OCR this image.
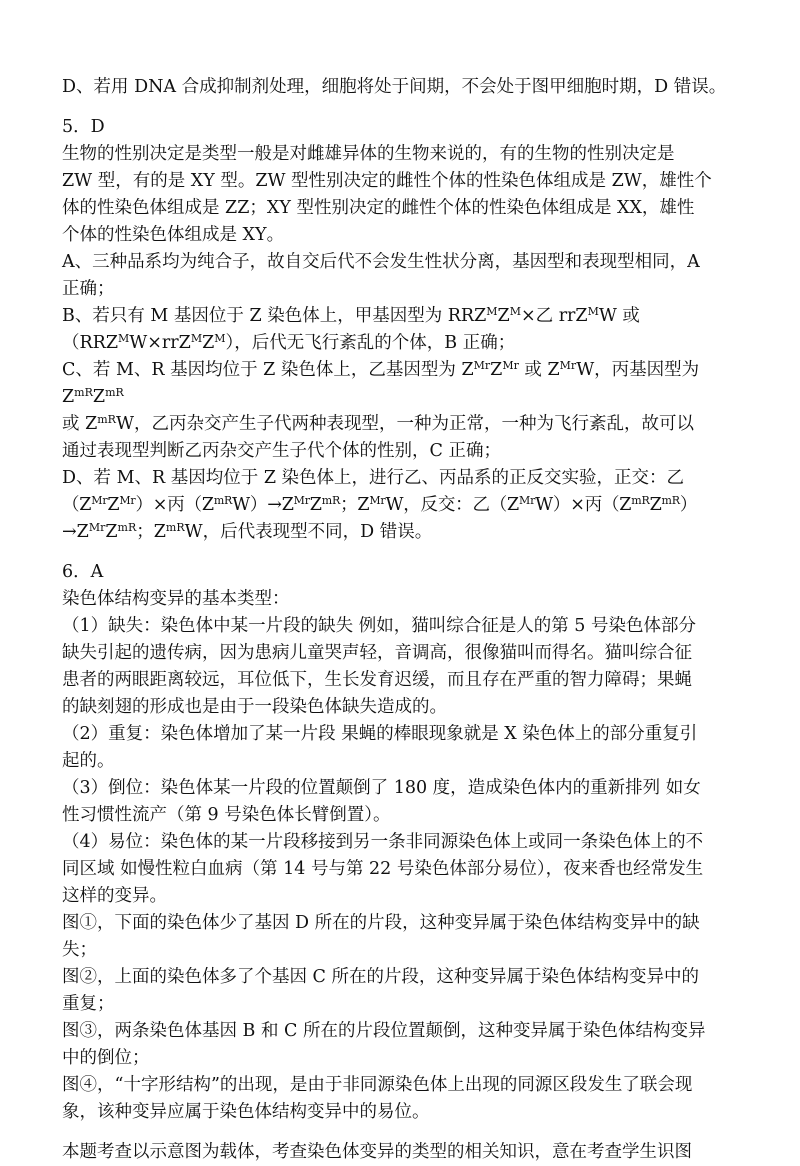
D、若用 DNA 合成抑制剂处理，细胞将处于间期，不会处于图甲细胞时期，D 错误。

5．D

生物的性别决定是类型一般是对雌雄异体的生物来说的，有的生物的性别决定是

ZW 型，有的是 XY 型。ZW 型性别决定的雌性个体的性染色体组成是 ZW，雄性个

体的性染色体组成是 ZZ；XY 型性别决定的雌性个体的性染色体组成是 XX，雄性

个体的性染色体组成是 XY。

A、三种品系均为纯合子，故自交后代不会发生性状分离，基因型和表现型相同，A

正确；

B、若只有 M 基因位于 Z 染色体上，甲基因型为 $RRZ^MZ^M\times$乙 rrZ$^M$W 或

$(RRZ^MW\times rrZ^MZ^M)$，后代无飞行紊乱的个体，B 正确；

C、若 M、R 基因均位于 Z 染色体上，乙基因型为 $Z^{Mr}Z^{Mr}$ 或 $Z^{Mr}W$，丙基因型为 $Z^{mR}Z^{mR}$

或 $Z^{mR}W$，乙丙杂交产生子代两种表现型，一种为正常，一种为飞行紊乱，故可以

通过表现型判断乙丙杂交产生子代个体的性别，C 正确；

D、若 M、R 基因均位于 Z 染色体上，进行乙、丙品系的正反交实验，正交：乙

$(Z^{Mr}Z^{Mr})\times$丙$(Z^{mR}W)\to Z^{Mr}Z^{mR}$；$Z^{Mr}W$，反交：乙$(Z^{Mr}W)\times$丙$(Z^{mR}Z^{mR})$

$\to Z^{Mr}Z^{mR}$；$Z^{mR}W$，后代表现型不同，D 错误。

6．A

染色体结构变异的基本类型：

（1）缺失：染色体中某一片段的缺失 例如，猫叫综合征是人的第 5 号染色体部分

缺失引起的遗传病，因为患病儿童哭声轻，音调高，很像猫叫而得名。猫叫综合征

患者的两眼距离较远，耳位低下，生长发育迟缓，而且存在严重的智力障碍；果蝇

的缺刻翅的形成也是由于一段染色体缺失造成的。

（2）重复：染色体增加了某一片段 果蝇的棒眼现象就是 X 染色体上的部分重复引

起的。

（3）倒位：染色体某一片段的位置颠倒了 180 度，造成染色体内的重新排列 如女

性习惯性流产（第 9 号染色体长臂倒置）。

（4）易位：染色体的某一片段移接到另一条非同源染色体上或同一条染色体上的不

同区域 如慢性粒白血病（第 14 号与第 22 号染色体部分易位），夜来香也经常发生

这样的变异。

图①，下面的染色体少了基因 D 所在的片段，这种变异属于染色体结构变异中的缺

失；

图②，上面的染色体多了个基因 C 所在的片段，这种变异属于染色体结构变异中的

重复；

图③，两条染色体基因 B 和 C 所在的片段位置颠倒，这种变异属于染色体结构变异

中的倒位；

图④，“十字形结构”的出现，是由于非同源染色体上出现的同源区段发生了联会现

象，该种变异应属于染色体结构变异中的易位。

本题考查以示意图为载体，考查染色体变异的类型的相关知识，意在考查学生识图
